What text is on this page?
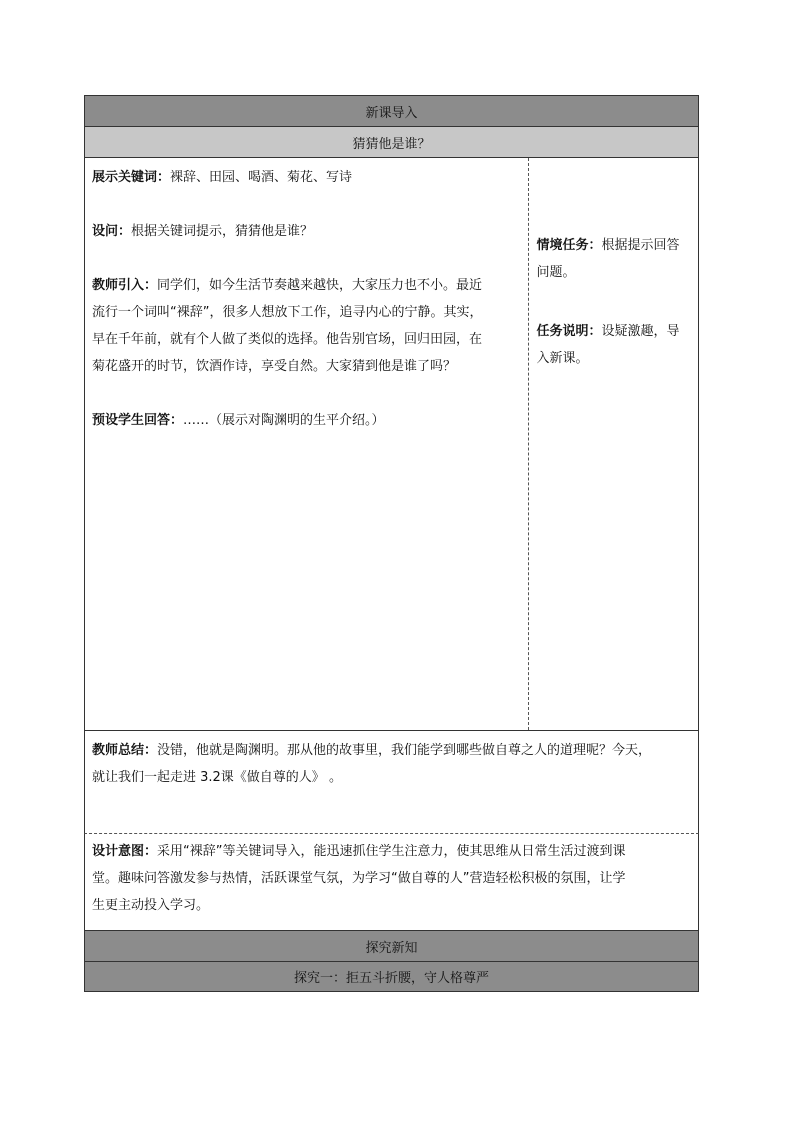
新课导入
猜猜他是谁？

展示关键词：裸辞、田园、喝酒、菊花、写诗

设问：根据关键词提示，猜猜他是谁？

教师引入：同学们，如今生活节奏越来越快，大家压力也不小。最近
流行一个词叫“裸辞”，很多人想放下工作，追寻内心的宁静。其实，
早在千年前，就有个人做了类似的选择。他告别官场，回归田园，在
菊花盛开的时节，饮酒作诗，享受自然。大家猜到他是谁了吗？

预设学生回答：……（展示对陶渊明的生平介绍。）

情境任务：根据提示回答
问题。

任务说明：设疑激趣，导
入新课。

教师总结：没错，他就是陶渊明。那从他的故事里，我们能学到哪些做自尊之人的道理呢？今天，
就让我们一起走进 3.2课《做自尊的人》 。

设计意图：采用“裸辞”等关键词导入，能迅速抓住学生注意力，使其思维从日常生活过渡到课
堂。趣味问答激发参与热情，活跃课堂气氛，为学习“做自尊的人”营造轻松积极的氛围，让学
生更主动投入学习。

探究新知
探究一：拒五斗折腰，守人格尊严
